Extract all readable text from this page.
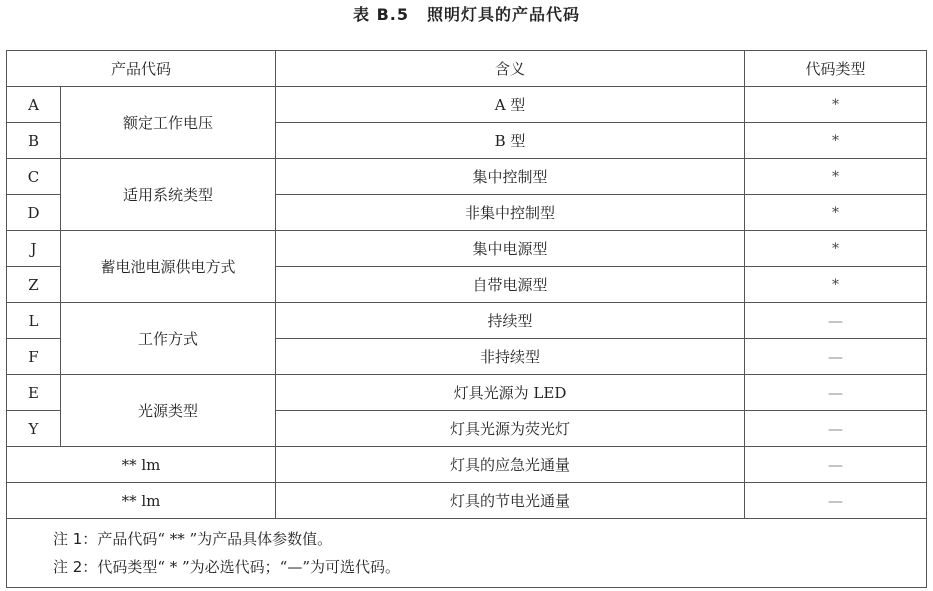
表 B.5 照明灯具的产品代码
产品代码		含义	代码类型
A	额定工作电压	A 型	*
B		B 型	*
C	适用系统类型	集中控制型	*
D		非集中控制型	*
J	蓄电池电源供电方式	集中电源型	*
Z		自带电源型	*
L	工作方式	持续型	—
F		非持续型	—
E	光源类型	灯具光源为 LED	—
Y		灯具光源为荧光灯	—
** lm		灯具的应急光通量	—
** lm		灯具的节电光通量	—

注 1：产品代码“ ** ”为产品具体参数值。
注 2：代码类型“ * ”为必选代码；“—”为可选代码。			
